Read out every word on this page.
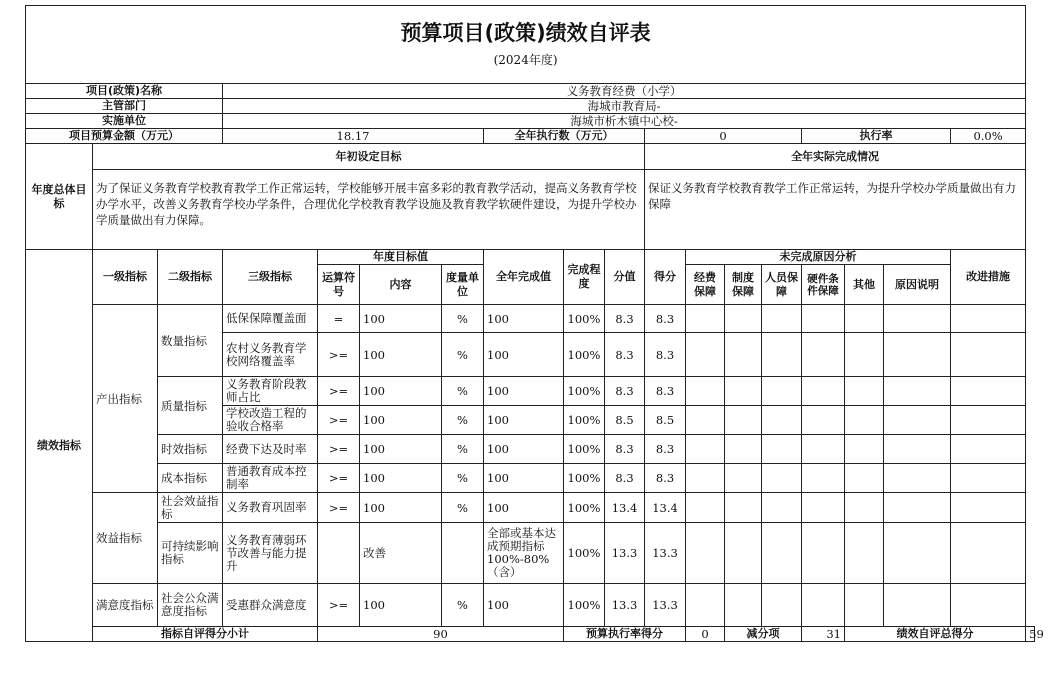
预算项目(政策)绩效自评表
(2024年度)																		

项目(政策)名称			义务教育经费（小学）															
主管部门			海城市教育局-															
实施单位			海城市析木镇中心校-															
项目预算金额（万元）			18.17				全年执行数（万元）			0				执行率			0.0%	
年度总体目标	年初设定目标									全年实际完成情况								
	为了保证义务教育学校教育教学工作正常运转，学校能够开展丰富多彩的教育教学活动，提高义务教育学校办学水平，改善义务教育学校办学条件，合理优化学校教育教学设施及教育教学软硬件建设，为提升学校办学质量做出有力保障。									保证义务教育学校教育教学工作正常运转，为提升学校办学质量做出有力保障								
绩效指标	一级指标	二级指标	三级指标	年度目标值			全年完成值	完成程度	分值	得分	未完成原因分析						改进措施	
				运算符号	内容	度量单位					经费保障	制度保障	人员保障	硬件条件保障	其他	原因说明		
	产出指标	数量指标	低保保障覆盖面	=	100	%	100	100%	8.3	8.3								
			农村义务教育学校网络覆盖率	>=	100	%	100	100%	8.3	8.3								
		质量指标	义务教育阶段教师占比	>=	100	%	100	100%	8.3	8.3								
			学校改造工程的验收合格率	>=	100	%	100	100%	8.5	8.5								
		时效指标	经费下达及时率	>=	100	%	100	100%	8.3	8.3								
		成本指标	普通教育成本控制率	>=	100	%	100	100%	8.3	8.3								
	效益指标	社会效益指标	义务教育巩固率	>=	100	%	100	100%	13.4	13.4								
		可持续影响指标	义务教育薄弱环节改善与能力提升		改善		全部或基本达成预期指标100%-80%（含）	100%	13.3	13.3								
	满意度指标	社会公众满意度指标	受惠群众满意度	>=	100	%	100	100%	13.3	13.3								
	指标自评得分小计			90				预算执行率得分			0	减分项		31	绩效自评总得分			59
